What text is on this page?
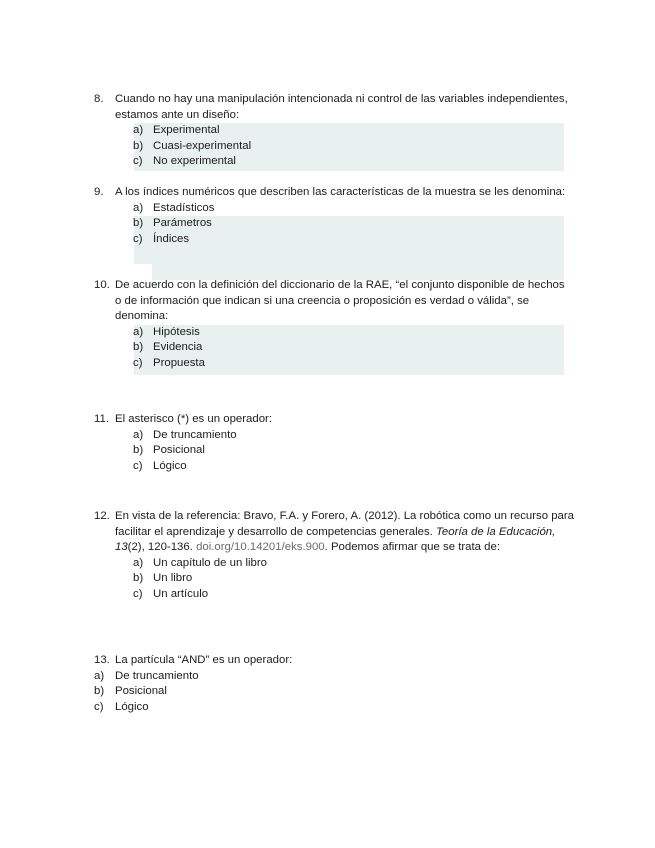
8. Cuando no hay una manipulación intencionada ni control de las variables independientes, estamos ante un diseño:
a) Experimental
b) Cuasi-experimental
c) No experimental
9. A los índices numéricos que describen las características de la muestra se les denomina:
a) Estadísticos
b) Parámetros
c) Índices
10. De acuerdo con la definición del diccionario de la RAE, “el conjunto disponible de hechos o de información que indican si una creencia o proposición es verdad o válida”, se denomina:
a) Hipótesis
b) Evidencia
c) Propuesta
11. El asterisco (*) es un operador:
a) De truncamiento
b) Posicional
c) Lógico
12. En vista de la referencia: Bravo, F.A. y Forero, A. (2012). La robótica como un recurso para facilitar el aprendizaje y desarrollo de competencias generales. Teoría de la Educación, 13(2), 120-136. doi.org/10.14201/eks.900. Podemos afirmar que se trata de:
a) Un capítulo de un libro
b) Un libro
c) Un artículo
13. La partícula “AND” es un operador:
a) De truncamiento
b) Posicional
c) Lógico
